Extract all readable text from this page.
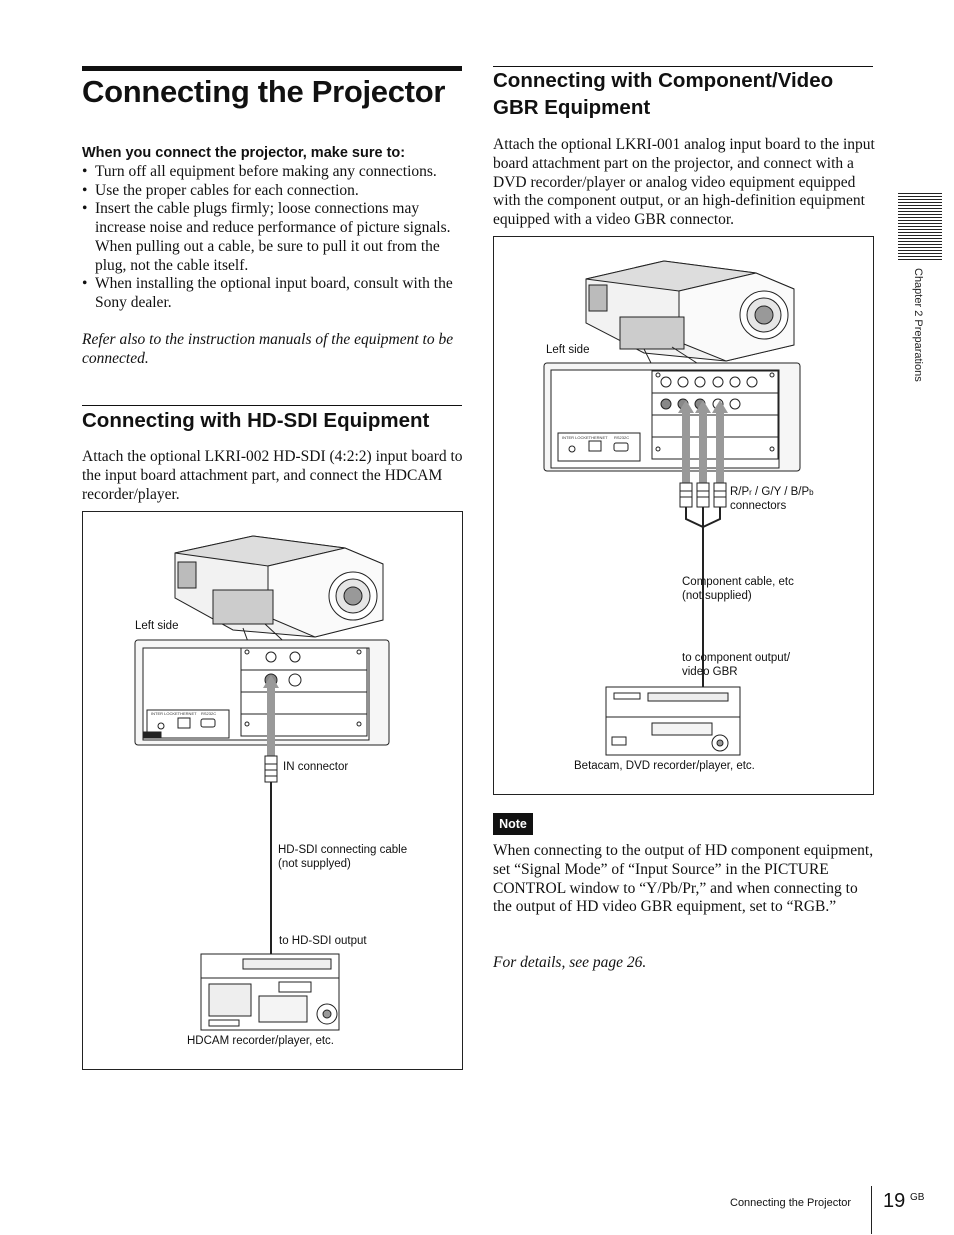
Connecting the Projector
When you connect the projector, make sure to:
• Turn off all equipment before making any connections.
• Use the proper cables for each connection.
• Insert the cable plugs firmly; loose connections may increase noise and reduce performance of picture signals. When pulling out a cable, be sure to pull it out from the plug, not the cable itself.
• When installing the optional input board, consult with the Sony dealer.
Refer also to the instruction manuals of the equipment to be connected.
Connecting with HD-SDI Equipment
Attach the optional LKRI-002 HD-SDI (4:2:2) input board to the input board attachment part, and connect the HDCAM recorder/player.
INTER LOCK ETHERNET RS232C
Left side
IN connector
HD-SDI connecting cable
(not supplyed)
to HD-SDI output
HDCAM recorder/player, etc.
Connecting with Component/Video
GBR Equipment
Attach the optional LKRI-001 analog input board to the input board attachment part on the projector, and connect with a DVD recorder/player or analog video equipment equipped with the component output, or an high-definition equipment equipped with a video GBR connector.
INTER LOCK ETHERNET RS232C
Left side
R/Pr / G/Y / B/Pb
connectors
Component cable, etc
(not supplied)
to component output/
video GBR
Betacam, DVD recorder/player, etc.
Note
When connecting to the output of HD component equipment, set “Signal Mode” of “Input Source” in the PICTURE CONTROL window to “Y/Pb/Pr,” and when connecting to the output of HD video GBR equipment, set to “RGB.”
For details, see page 26.
Chapter 2 Preparations
Connecting the Projector 19 GB
